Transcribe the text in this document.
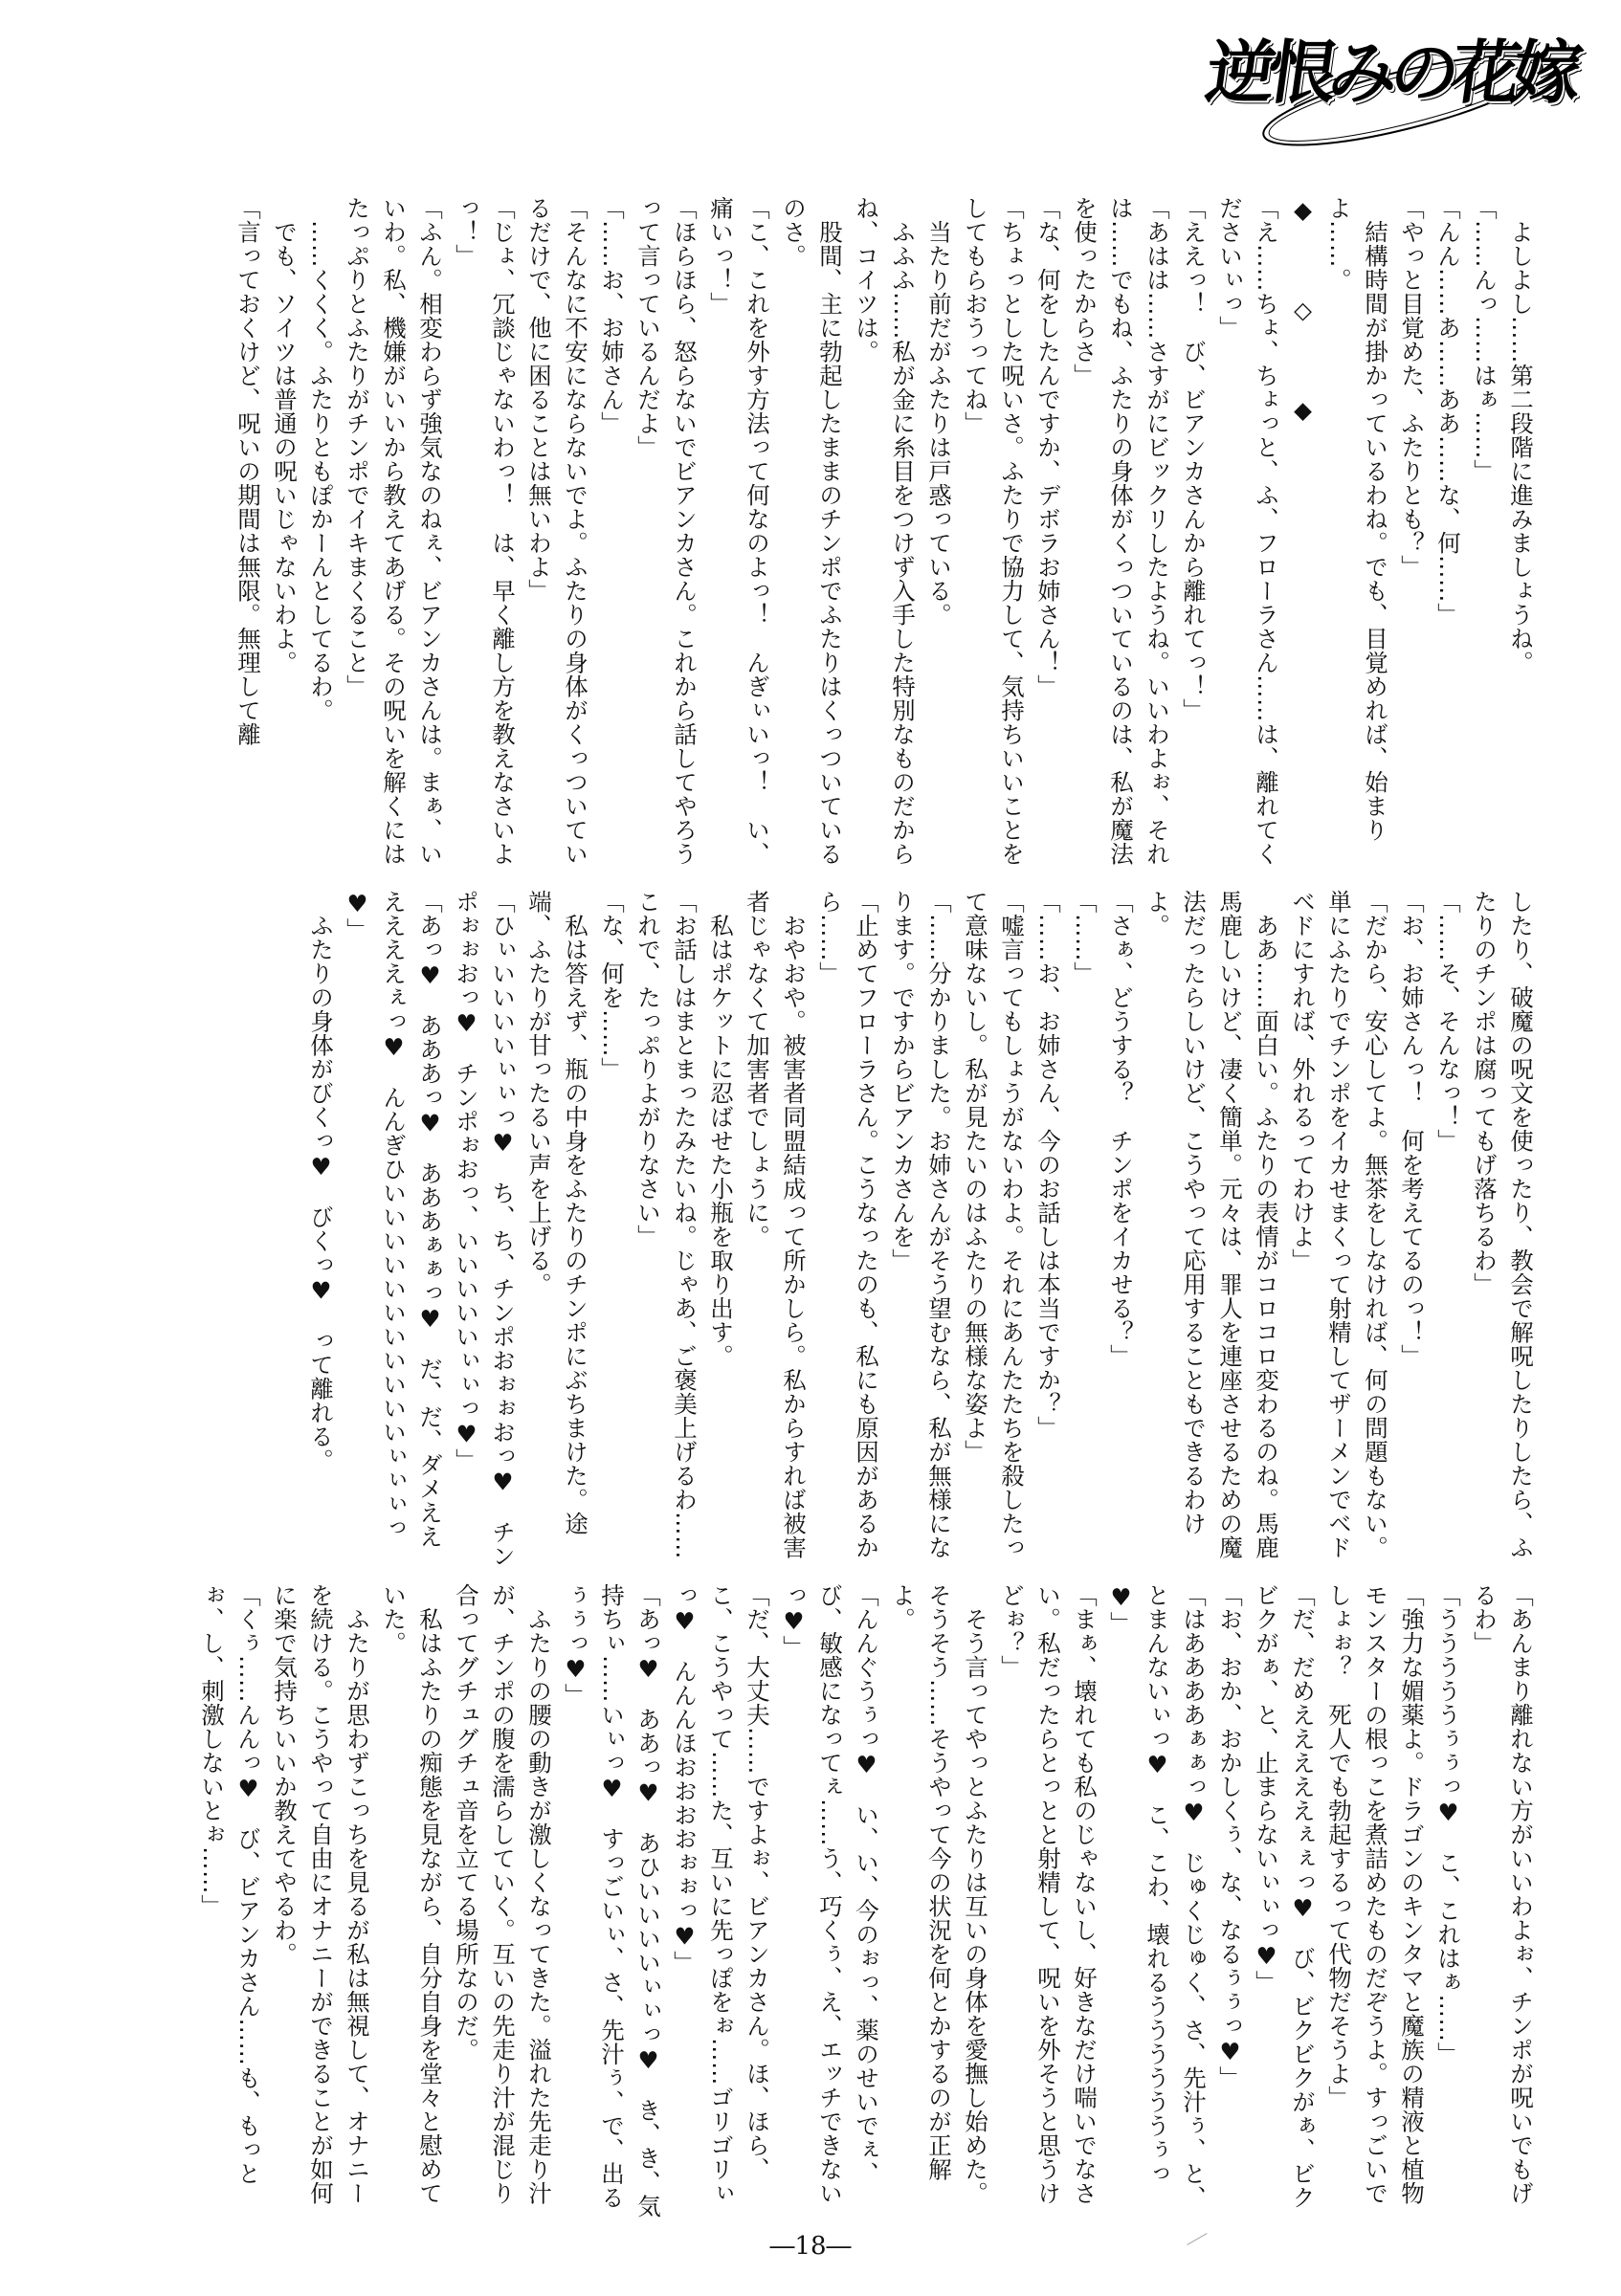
逆恨みの花嫁
　よしよし……第二段階に進みましょうね。
「……んっ……はぁ……」
「んん……あ……ああ……な、何……」
「やっと目覚めた、ふたりとも？」
　結構時間が掛かっているわね。でも、目覚めれば、始まりよ……。
◆　　　◇　　　◆
「え……ちょ、ちょっと、ふ、フローラさん……は、離れてくださいぃっ」
「ええっ！　び、ビアンカさんから離れてっ！」
「あはは……さすがにビックリしたようね。いいわよぉ、それは……でもね、ふたりの身体がくっついているのは、私が魔法を使ったからさ」
「な、何をしたんですか、デボラお姉さん！」
「ちょっとした呪いさ。ふたりで協力して、気持ちいいことをしてもらおうってね」
　当たり前だがふたりは戸惑っている。
　ふふふ……私が金に糸目をつけず入手した特別なものだからね、コイツは。
　股間、主に勃起したままのチンポでふたりはくっついているのさ。
「こ、これを外す方法って何なのよっ！　んぎぃいっ！　い、痛いっ！」
「ほらほら、怒らないでビアンカさん。これから話してやろうって言っているんだよ」
「……お、お姉さん」
「そんなに不安にならないでよ。ふたりの身体がくっついているだけで、他に困ることは無いわよ」
「じょ、冗談じゃないわっ！　は、早く離し方を教えなさいよっ！」
「ふん。相変わらず強気なのねぇ、ビアンカさんは。まぁ、いいわ。私、機嫌がいいから教えてあげる。その呪いを解くにはたっぷりとふたりがチンポでイキまくること」
　……くくく。ふたりともぽかーんとしてるわ。
　でも、ソイツは普通の呪いじゃないわよ。
「言っておくけど、呪いの期間は無限。無理して離
したり、破魔の呪文を使ったり、教会で解呪したりしたら、ふたりのチンポは腐ってもげ落ちるわ」
「……そ、そんなっ！」
「お、お姉さんっ！　何を考えてるのっ！」
「だから、安心してよ。無茶をしなければ、何の問題もない。単にふたりでチンポをイカせまくって射精してザーメンでベドベドにすれば、外れるってわけよ」
　ああ……面白い。ふたりの表情がコロコロ変わるのね。馬鹿馬鹿しいけど、凄く簡単。元々は、罪人を連座させるための魔法だったらしいけど、こうやって応用することもできるわけよ。
「さぁ、どうする？　チンポをイカせる？」
「……」
「……お、お姉さん、今のお話しは本当ですか？」
「嘘言ってもしょうがないわよ。それにあんたたちを殺したって意味ないし。私が見たいのはふたりの無様な姿よ」
「……分かりました。お姉さんがそう望むなら、私が無様になります。ですからビアンカさんを」
「止めてフローラさん。こうなったのも、私にも原因があるから……」
　おやおや。被害者同盟結成って所かしら。私からすれば被害者じゃなくて加害者でしょうに。
　私はポケットに忍ばせた小瓶を取り出す。
「お話しはまとまったみたいね。じゃあ、ご褒美上げるわ……これで、たっぷりよがりなさい」
「な、何を……」
　私は答えず、瓶の中身をふたりのチンポにぶちまけた。途端、ふたりが甘ったるい声を上げる。
「ひぃいいいいぃぃっ♥　ち、ち、チンポおぉぉおっ♥　チンポぉぉおっ♥　チンポぉおっ、いいいいいぃぃっ♥」
「あっ♥　あああっ♥　あああぁぁっ♥　だ、だ、ダメええええええぇっ♥　んんぎひいいいいいいいいいいいぃぃぃっ♥」
　ふたりの身体がびくっ♥　びくっ♥　って離れる。
「あんまり離れない方がいいわよぉ、チンポが呪いでもげるわ」
「うううううぅぅっ♥　こ、これはぁ……」
「強力な媚薬よ。ドラゴンのキンタマと魔族の精液と植物モンスターの根っこを煮詰めたものだぞうよ。すっごいでしょぉ？　死人でも勃起するって代物だそうよ」
「だ、だめえええええぇぇっ♥　び、ビクビクがぁ、ビクビクがぁ、と、止まらないぃぃっ♥」
「お、おか、おかしくぅ、な、なるぅぅっ♥」
「はああああぁぁっ♥　じゅくじゅく、さ、先汁ぅ、と、とまんないぃっ♥　こ、こわ、壊れるううううううぅっ♥」
「まぁ、壊れても私のじゃないし、好きなだけ喘いでなさい。私だったらとっとと射精して、呪いを外そうと思うけどぉ？」
　そう言ってやっとふたりは互いの身体を愛撫し始めた。そうそう……そうやって今の状況を何とかするのが正解よ。
「んんぐうぅっ♥　い、い、今のぉっ、薬のせいでぇ、び、敏感になってぇ……う、巧くぅ、え、エッチできないっ♥」
「だ、大丈夫……ですよぉ、ビアンカさん。ほ、ほら、こ、こうやって……た、互いに先っぽをぉ……ゴリゴリぃっ♥　んんんほおおおおぉぉっ♥」
「あっ♥　ああっ♥　あひいいいいぃぃっ♥　き、き、気持ちぃ……いぃっ♥　すっごいぃ、さ、先汁ぅ、で、出るぅぅっ♥」
　ふたりの腰の動きが激しくなってきた。溢れた先走り汁が、チンポの腹を濡らしていく。互いの先走り汁が混じり合ってグチュグチュ音を立てる場所なのだ。
　私はふたりの痴態を見ながら、自分自身を堂々と慰めていた。
　ふたりが思わずこっちを見るが私は無視して、オナニーを続ける。こうやって自由にオナニーができることが如何に楽で気持ちいいか教えてやるわ。
「くぅ……んんっ♥　び、ビアンカさん……も、もっとぉ、し、刺激しないとぉ……」
―18―
